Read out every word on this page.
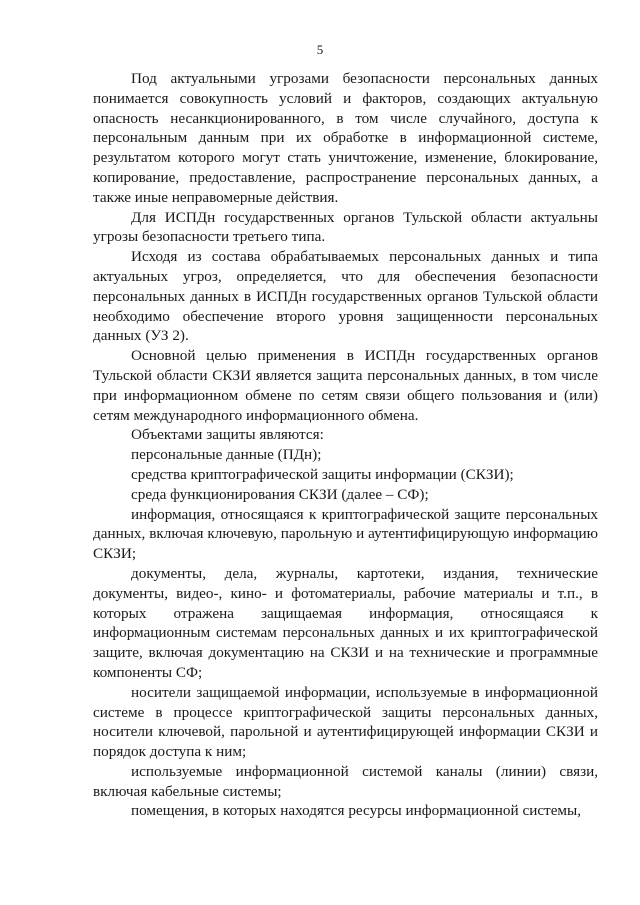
5

Под актуальными угрозами безопасности персональных данных понимается совокупность условий и факторов, создающих актуальную опасность несанкционированного, в том числе случайного, доступа к персональным данным при их обработке в информационной системе, результатом которого могут стать уничтожение, изменение, блокирование, копирование, предоставление, распространение персональных данных, а также иные неправомерные действия.

Для ИСПДн государственных органов Тульской области актуальны угрозы безопасности третьего типа.

Исходя из состава обрабатываемых персональных данных и типа актуальных угроз, определяется, что для обеспечения безопасности персональных данных в ИСПДн государственных органов Тульской области необходимо обеспечение второго уровня защищенности персональных данных (УЗ 2).

Основной целью применения в ИСПДн государственных органов Тульской области СКЗИ является защита персональных данных, в том числе при информационном обмене по сетям связи общего пользования и (или) сетям международного информационного обмена.

Объектами защиты являются:

персональные данные (ПДн);

средства криптографической защиты информации (СКЗИ);

среда функционирования СКЗИ (далее – СФ);

информация, относящаяся к криптографической защите персональных данных, включая ключевую, парольную и аутентифицирующую информацию СКЗИ;

документы, дела, журналы, картотеки, издания, технические документы, видео-, кино- и фотоматериалы, рабочие материалы и т.п., в которых отражена защищаемая информация, относящаяся к информационным системам персональных данных и их криптографической защите, включая документацию на СКЗИ и на технические и программные компоненты СФ;

носители защищаемой информации, используемые в информационной системе в процессе криптографической защиты персональных данных, носители ключевой, парольной и аутентифицирующей информации СКЗИ и порядок доступа к ним;

используемые информационной системой каналы (линии) связи, включая кабельные системы;

помещения, в которых находятся ресурсы информационной системы,
